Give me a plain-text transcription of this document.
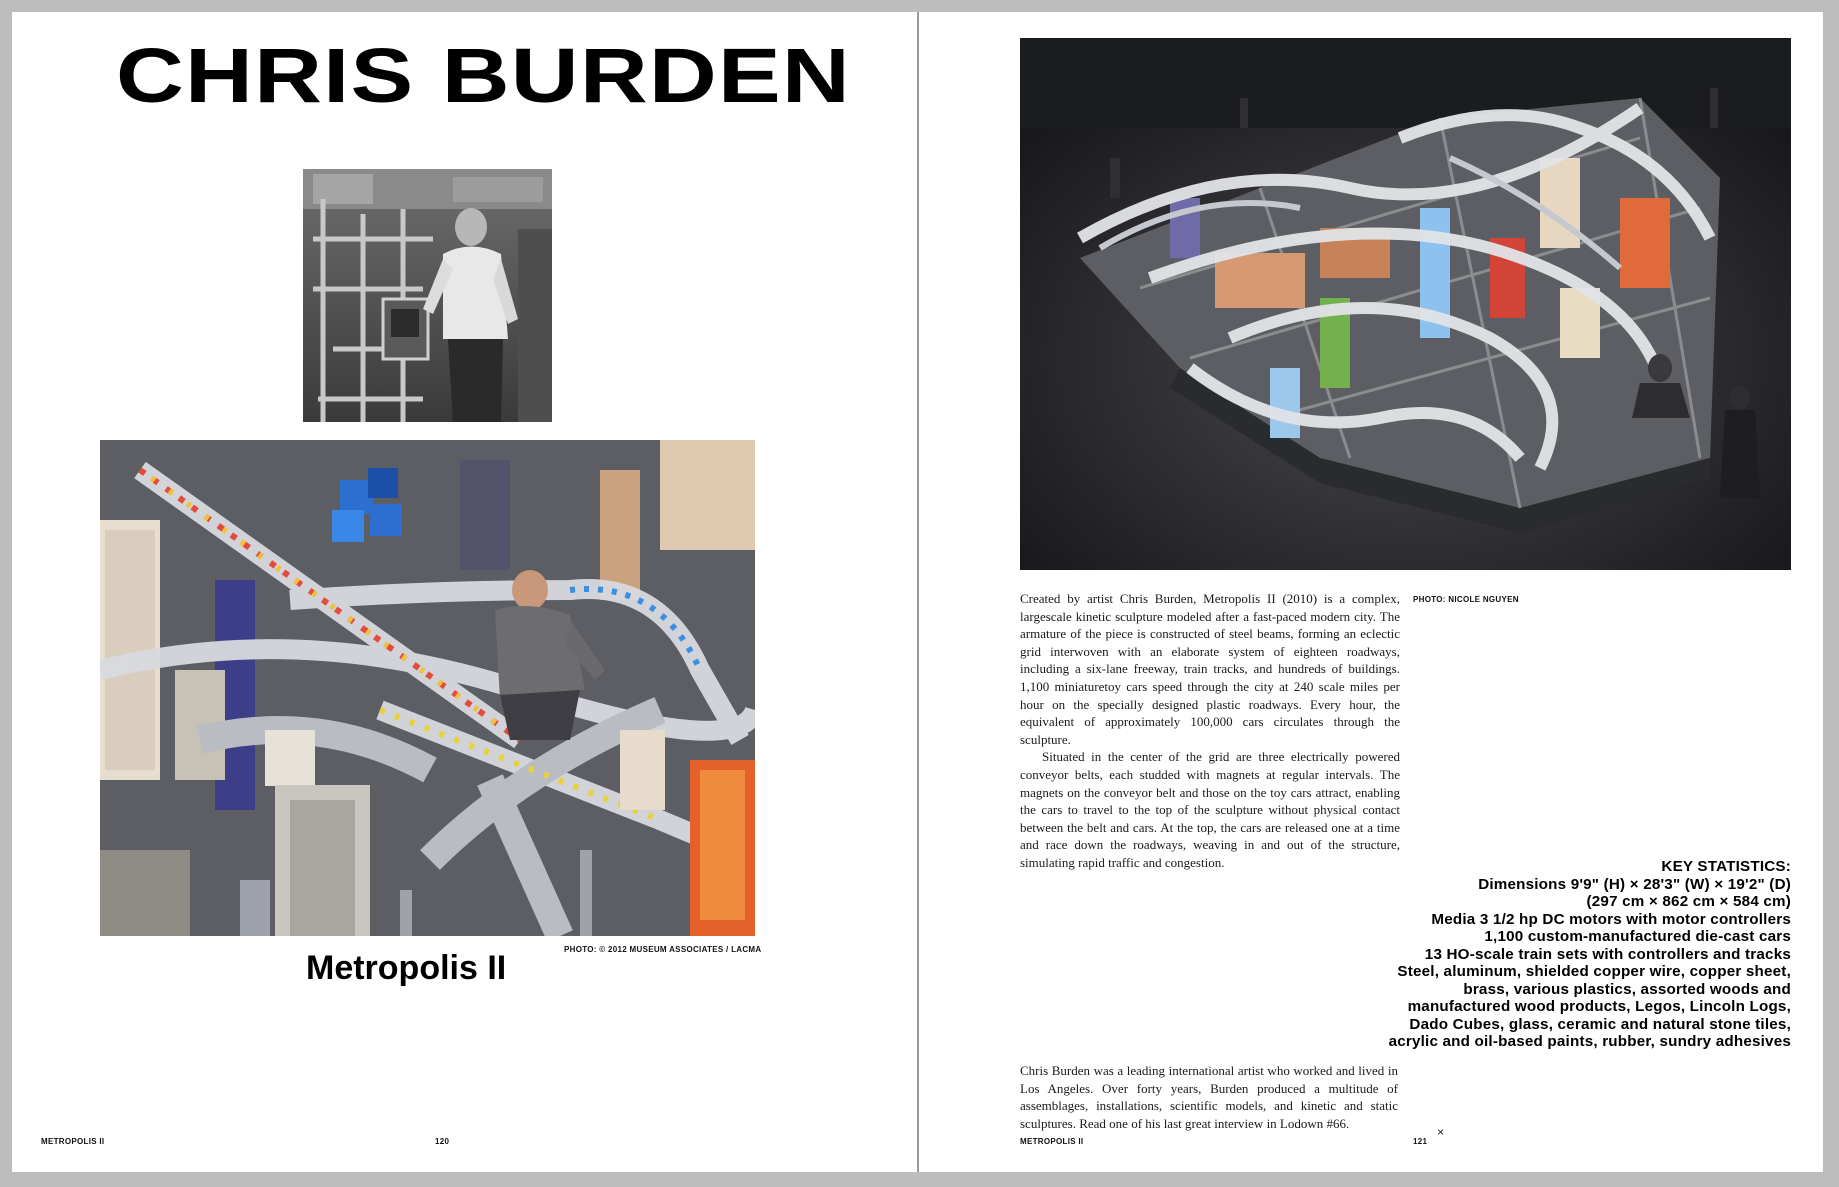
CHRIS BURDEN
PHOTO: © 2012 MUSEUM ASSOCIATES / LACMA
Metropolis II
METROPOLIS II	120
PHOTO: NICOLE NGUYEN

Created by artist Chris Burden, Metropolis II (2010) is a complex, largescale kinetic sculpture modeled after a fast-paced modern city. The armature of the piece is constructed of steel beams, forming an eclectic grid interwoven with an elaborate system of eighteen roadways, including a six-lane freeway, train tracks, and hundreds of buildings. 1,100 miniaturetoy cars speed through the city at 240 scale miles per hour on the specially designed plastic roadways. Every hour, the equivalent of approximately 100,000 cars circulates through the sculpture.

Situated in the center of the grid are three electrically powered conveyor belts, each studded with magnets at regular intervals. The magnets on the conveyor belt and those on the toy cars attract, enabling the cars to travel to the top of the sculpture without physical contact between the belt and cars. At the top, the cars are released one at a time and race down the roadways, weaving in and out of the structure, simulating rapid traffic and congestion.	KEY STATISTICS:
Dimensions 9'9" (H) × 28'3" (W) × 19'2" (D)
(297 cm × 862 cm × 584 cm)
Media 3 1/2 hp DC motors with motor controllers
1,100 custom-manufactured die-cast cars
13 HO-scale train sets with controllers and tracks
Steel, aluminum, shielded copper wire, copper sheet,
brass, various plastics, assorted woods and
manufactured wood products, Legos, Lincoln Logs,
Dado Cubes, glass, ceramic and natural stone tiles,
acrylic and oil-based paints, rubber, sundry adhesives

Chris Burden was a leading international artist who worked and lived in Los Angeles. Over forty years, Burden produced a multitude of assemblages, installations, scientific models, and kinetic and static sculptures. Read one of his last great interview in Lodown #66.

×
METROPOLIS II	121
